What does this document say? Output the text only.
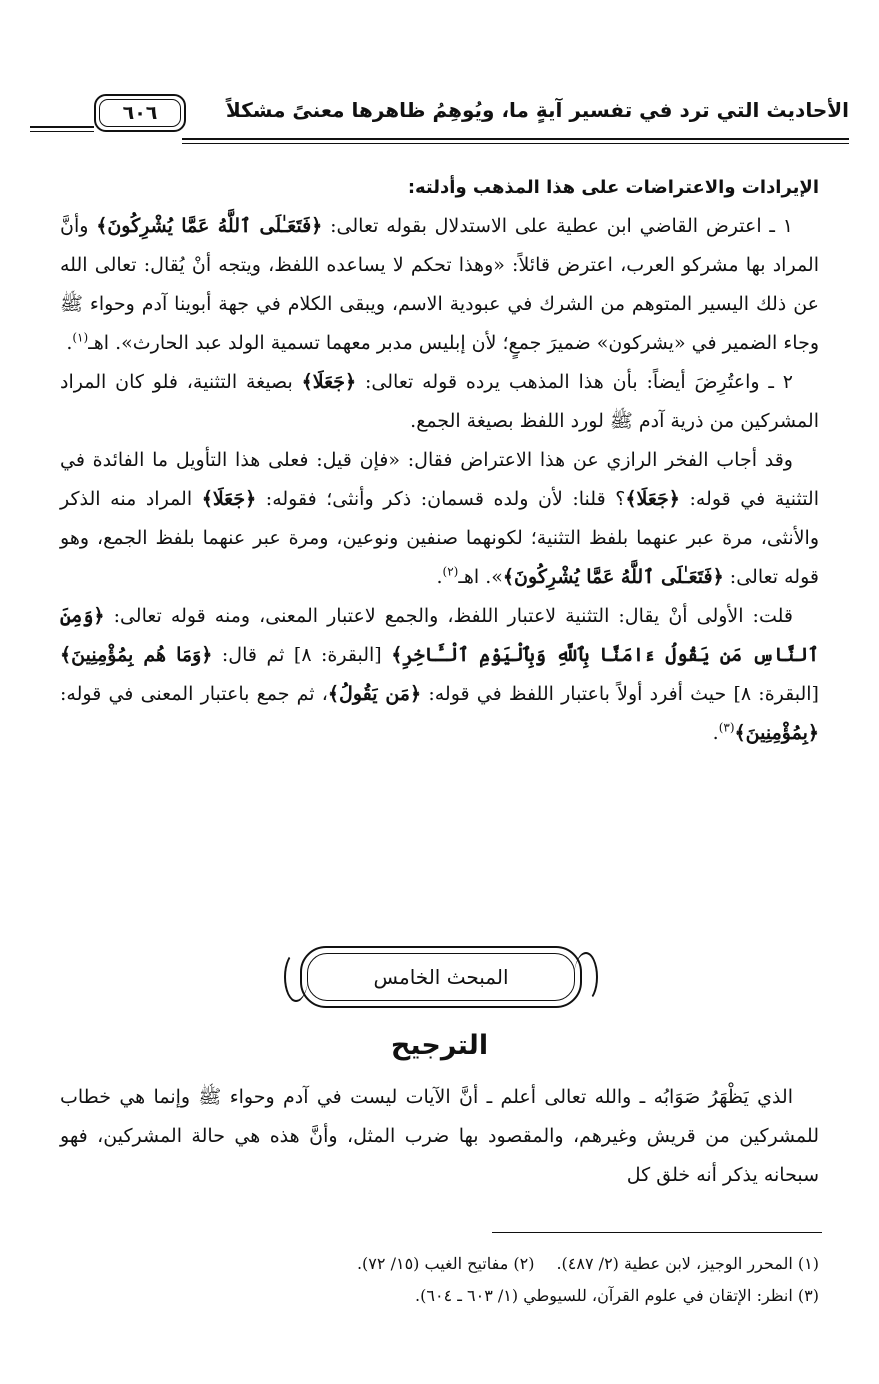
الأحاديث التي ترد في تفسير آيةٍ ما، ويُوهِمُ ظاهرها معنىً مشكلاً
٦٠٦

الإيرادات والاعتراضات على هذا المذهب وأدلته:

١ ـ اعترض القاضي ابن عطية على الاستدلال بقوله تعالى: ﴿فَتَعَـٰلَى ٱللَّهُ عَمَّا يُشْرِكُونَ﴾ وأنَّ المراد بها مشركو العرب، اعترض قائلاً: «وهذا تحكم لا يساعده اللفظ، ويتجه أنْ يُقال: تعالى الله عن ذلك اليسير المتوهم من الشرك في عبودية الاسم، ويبقى الكلام في جهة أبوينا آدم وحواء ﷺ وجاء الضمير في «يشركون» ضميرَ جمعٍ؛ لأن إبليس مدبر معهما تسمية الولد عبد الحارث». اهـ$^{(١)}$.

٢ ـ واعتُرِضَ أيضاً: بأن هذا المذهب يرده قوله تعالى: ﴿جَعَلَا﴾ بصيغة التثنية، فلو كان المراد المشركين من ذرية آدم ﷺ لورد اللفظ بصيغة الجمع.

وقد أجاب الفخر الرازي عن هذا الاعتراض فقال: «فإن قيل: فعلى هذا التأويل ما الفائدة في التثنية في قوله: ﴿جَعَلَا﴾؟ قلنا: لأن ولده قسمان: ذكر وأنثى؛ فقوله: ﴿جَعَلَا﴾ المراد منه الذكر والأنثى، مرة عبر عنهما بلفظ التثنية؛ لكونهما صنفين ونوعين، ومرة عبر عنهما بلفظ الجمع، وهو قوله تعالى: ﴿فَتَعَـٰلَى ٱللَّهُ عَمَّا يُشْرِكُونَ﴾». اهـ$^{(٢)}$.

قلت: الأولى أنْ يقال: التثنية لاعتبار اللفظ، والجمع لاعتبار المعنى، ومنه قوله تعالى: ﴿وَمِنَ ٱلنَّاسِ مَن يَقُولُ ءَامَنَّا بِٱللَّهِ وَبِٱلْيَوْمِ ٱلْـَٔاخِرِ﴾ [البقرة: ٨] ثم قال: ﴿وَمَا هُم بِمُؤْمِنِينَ﴾ [البقرة: ٨] حيث أفرد أولاً باعتبار اللفظ في قوله: ﴿مَن يَقُولُ﴾، ثم جمع باعتبار المعنى في قوله: ﴿بِمُؤْمِنِينَ﴾$^{(٣)}$.

المبحث الخامس
الترجيح

الذي يَظْهَرُ صَوَابُه ـ والله تعالى أعلم ـ أنَّ الآيات ليست في آدم وحواء ﷺ وإنما هي خطاب للمشركين من قريش وغيرهم، والمقصود بها ضرب المثل، وأنَّ هذه هي حالة المشركين، فهو سبحانه يذكر أنه خلق كل

(١) المحرر الوجيز، لابن عطية (٢/ ٤٨٧).(٢) مفاتيح الغيب (١٥/ ٧٢).

(٣) انظر: الإتقان في علوم القرآن، للسيوطي (١/ ٦٠٣ ـ ٦٠٤).
